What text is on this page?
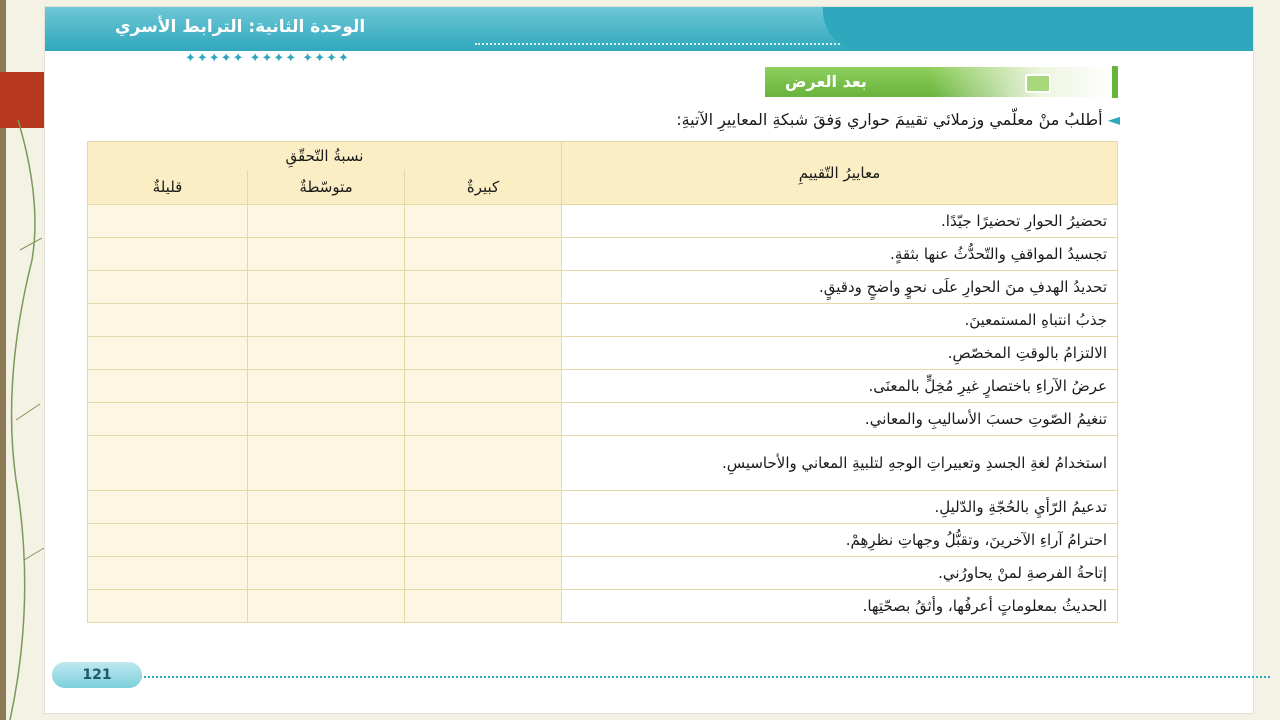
الوحدة الثانية: الترابط الأسري
✦✦✦✦✦ ✦✦✦✦ ✦✦✦✦
بعد العرض
◄ أطلبُ منْ معلّمي وزملائي تقييمَ حواري وَفقَ شبكةِ المعاييرِ الآتيةِ:
معاييرُ التّقييمِ	نسبةُ التّحقّقِ		
	كبيرةٌ	متوسّطةٌ	قليلةٌ
تحضيرُ الحوارِ تحضيرًا جيّدًا.			
تجسيدُ المواقفِ والتّحدُّثُ عنها بثقةٍ.			
تحديدُ الهدفِ منَ الحوارِ علَى نحوٍ واضحٍ ودقيقٍ.			
جذبُ انتباهِ المستمعينَ.			
الالتزامُ بالوقتِ المخصّصِ.			
عرضُ الآراءِ باختصارٍ غيرِ مُخِلٍّ بالمعنَى.			
تنغيمُ الصّوتِ حسبَ الأساليبِ والمعاني.			
استخدامُ لغةِ الجسدِ وتعبيراتِ الوجهِ لتلبيةِ المعاني والأحاسيسِ.			
تدعيمُ الرّأيِ بالحُجّةِ والدّليلِ.			
احترامُ آراءِ الآخرينَ، وتقبُّلُ وجهاتِ نظرِهِمْ.			
إتاحةُ الفرصةِ لمنْ يحاورُني.			
الحديثُ بمعلوماتٍ أعرفُها، وأثقُ بصحّتِها.			
121
